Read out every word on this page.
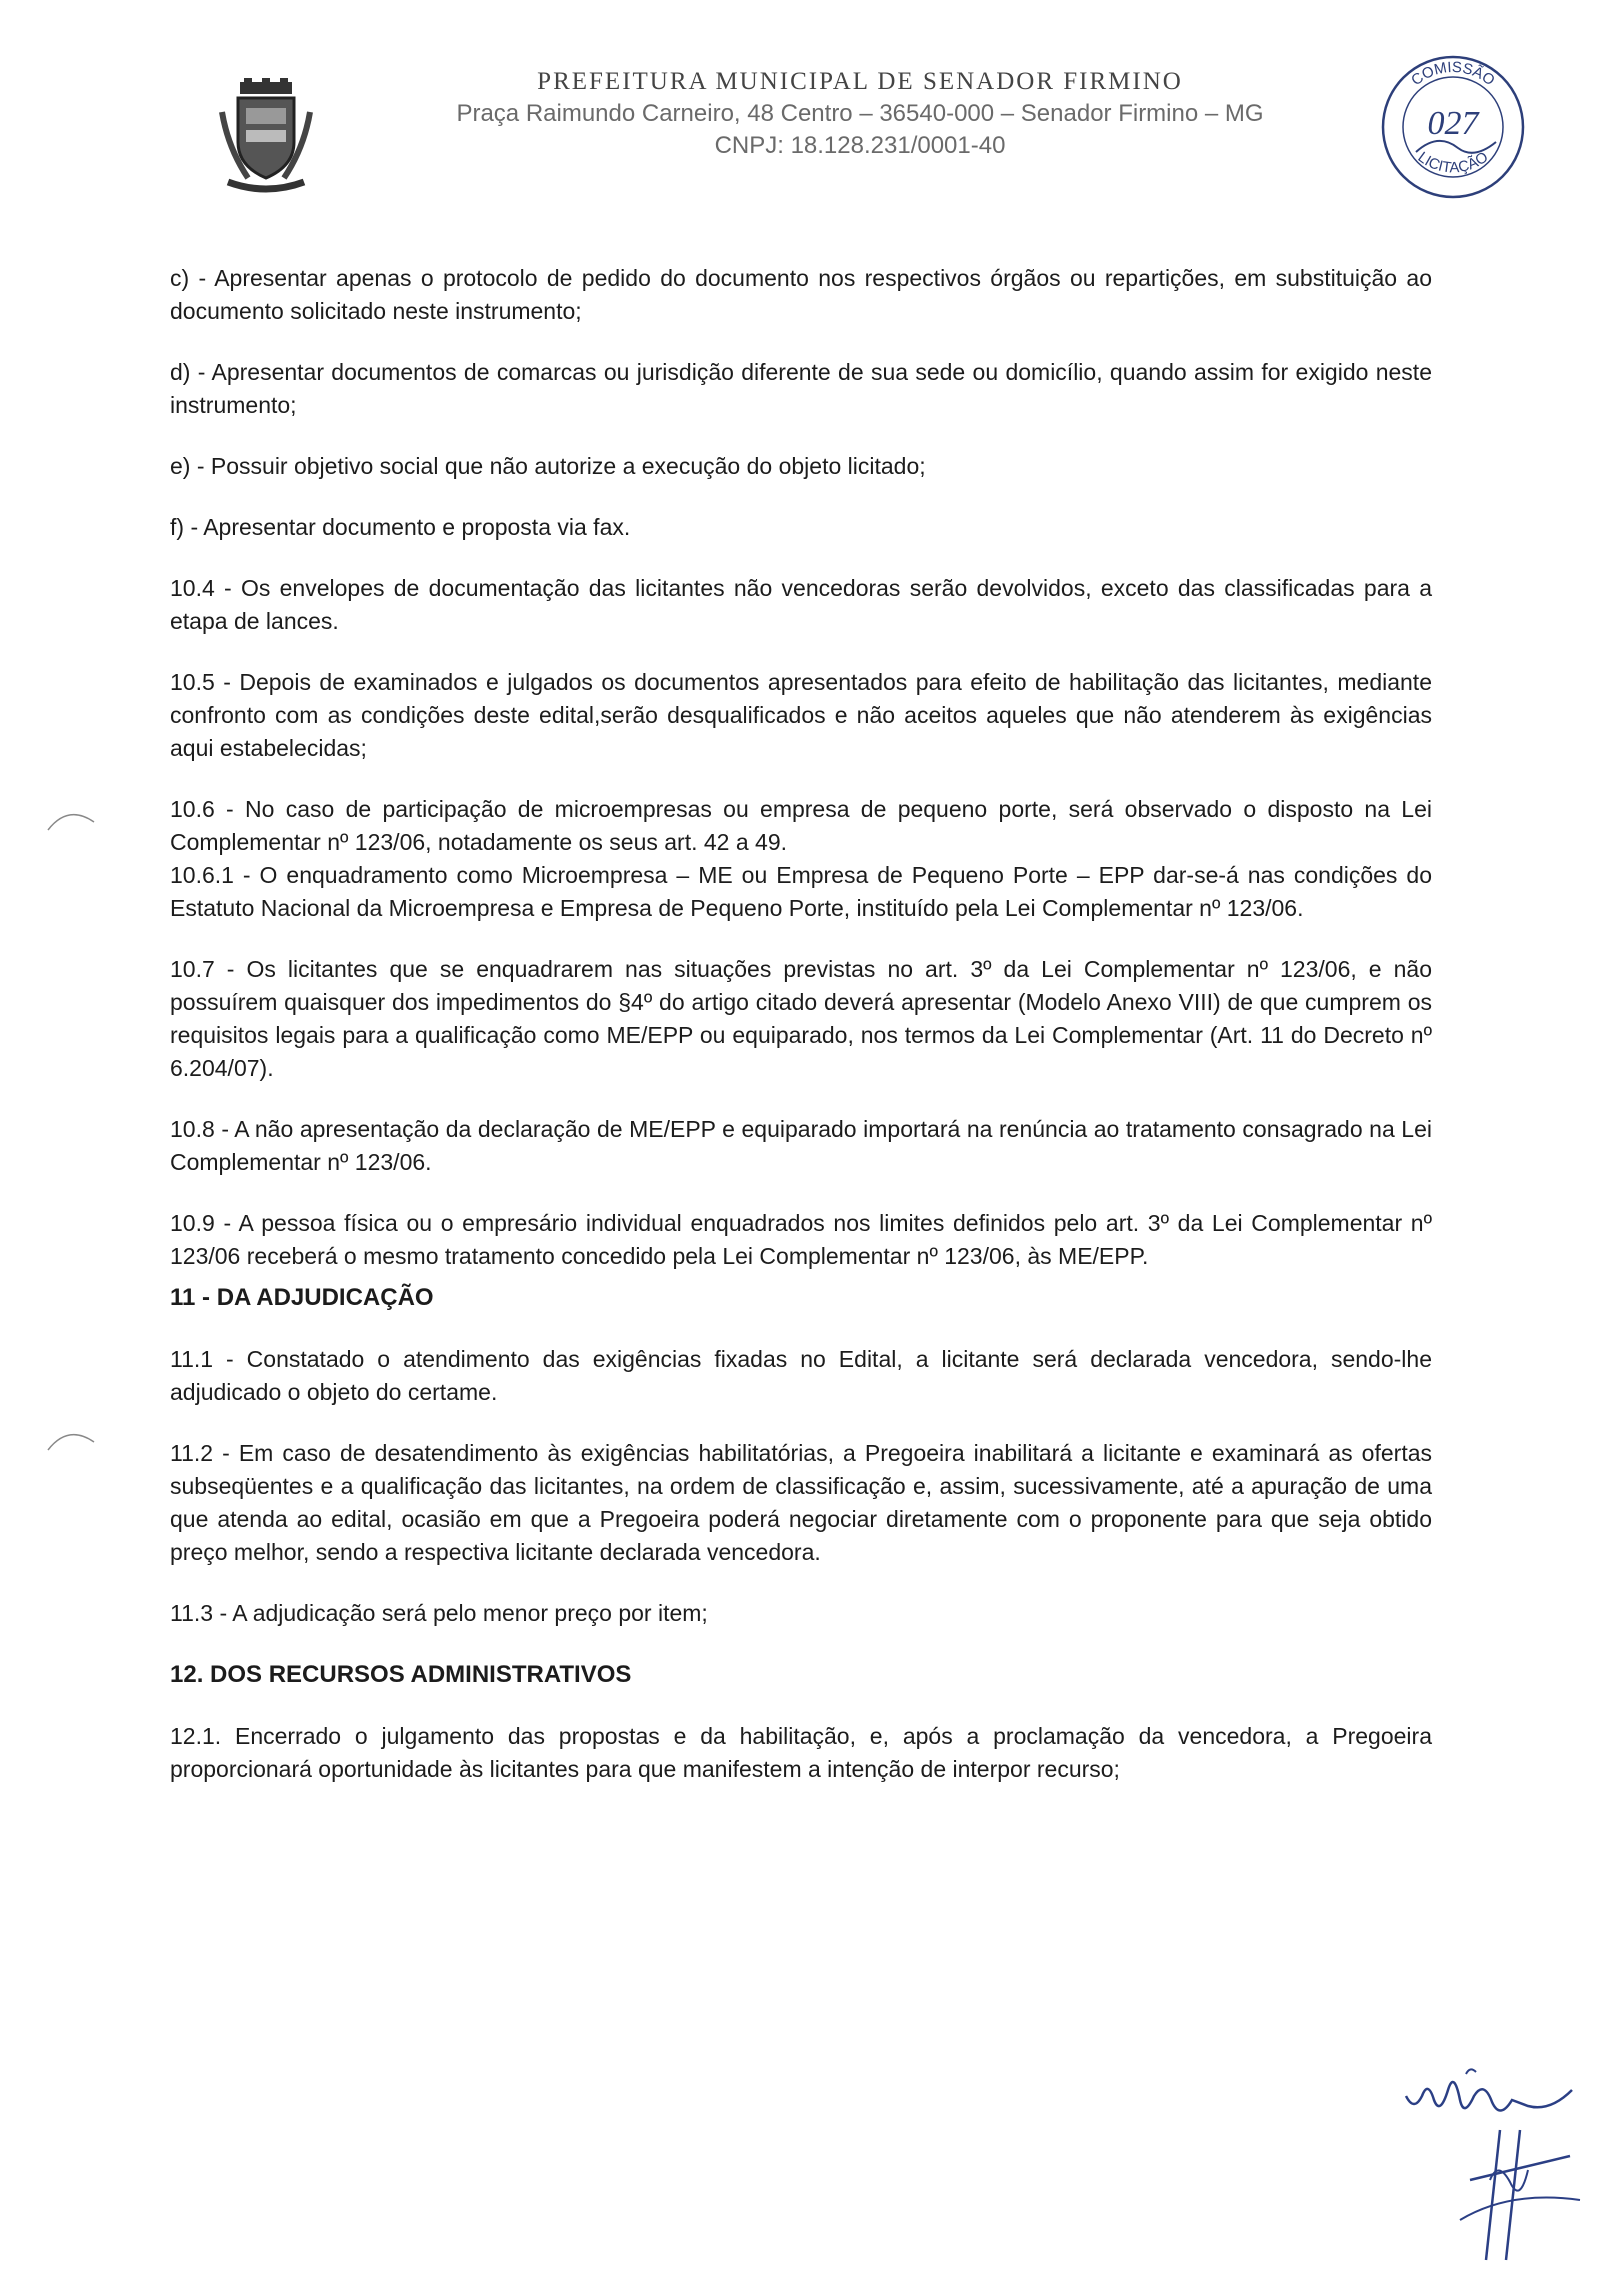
PREFEITURA MUNICIPAL DE SENADOR FIRMINO
Praça Raimundo Carneiro, 48 Centro – 36540-000 – Senador Firmino – MG
CNPJ: 18.128.231/0001-40
COMISSÃO
LICITAÇÃO
027

c) - Apresentar apenas o protocolo de pedido do documento nos respectivos órgãos ou repartições, em substituição ao documento solicitado neste instrumento;

d) - Apresentar documentos de comarcas ou jurisdição diferente de sua sede ou domicílio, quando assim for exigido neste instrumento;

e) - Possuir objetivo social que não autorize a execução do objeto licitado;

f) - Apresentar documento e proposta via fax.

10.4 - Os envelopes de documentação das licitantes não vencedoras serão devolvidos, exceto das classificadas para a etapa de lances.

10.5 - Depois de examinados e julgados os documentos apresentados para efeito de habilitação das licitantes, mediante confronto com as condições deste edital,serão desqualificados e não aceitos aqueles que não atenderem às exigências aqui estabelecidas;

10.6 - No caso de participação de microempresas ou empresa de pequeno porte, será observado o disposto na Lei Complementar nº 123/06, notadamente os seus art. 42 a 49.

10.6.1 - O enquadramento como Microempresa – ME ou Empresa de Pequeno Porte – EPP dar-se-á nas condições do Estatuto Nacional da Microempresa e Empresa de Pequeno Porte, instituído pela Lei Complementar nº 123/06.

10.7 - Os licitantes que se enquadrarem nas situações previstas no art. 3º da Lei Complementar nº 123/06, e não possuírem quaisquer dos impedimentos do §4º do artigo citado deverá apresentar (Modelo Anexo VIII) de que cumprem os requisitos legais para a qualificação como ME/EPP ou equiparado, nos termos da Lei Complementar (Art. 11 do Decreto nº 6.204/07).

10.8 - A não apresentação da declaração de ME/EPP e equiparado importará na renúncia ao tratamento consagrado na Lei Complementar nº 123/06.

10.9 - A pessoa física ou o empresário individual enquadrados nos limites definidos pelo art. 3º da Lei Complementar nº 123/06 receberá o mesmo tratamento concedido pela Lei Complementar nº 123/06, às ME/EPP.

11 - DA ADJUDICAÇÃO

11.1 - Constatado o atendimento das exigências fixadas no Edital, a licitante será declarada vencedora, sendo-lhe adjudicado o objeto do certame.

11.2 - Em caso de desatendimento às exigências habilitatórias, a Pregoeira inabilitará a licitante e examinará as ofertas subseqüentes e a qualificação das licitantes, na ordem de classificação e, assim, sucessivamente, até a apuração de uma que atenda ao edital, ocasião em que a Pregoeira poderá negociar diretamente com o proponente para que seja obtido preço melhor, sendo a respectiva licitante declarada vencedora.

11.3 - A adjudicação será pelo menor preço por item;

12. DOS RECURSOS ADMINISTRATIVOS

12.1. Encerrado o julgamento das propostas e da habilitação, e, após a proclamação da vencedora, a Pregoeira proporcionará oportunidade às licitantes para que manifestem a intenção de interpor recurso;
